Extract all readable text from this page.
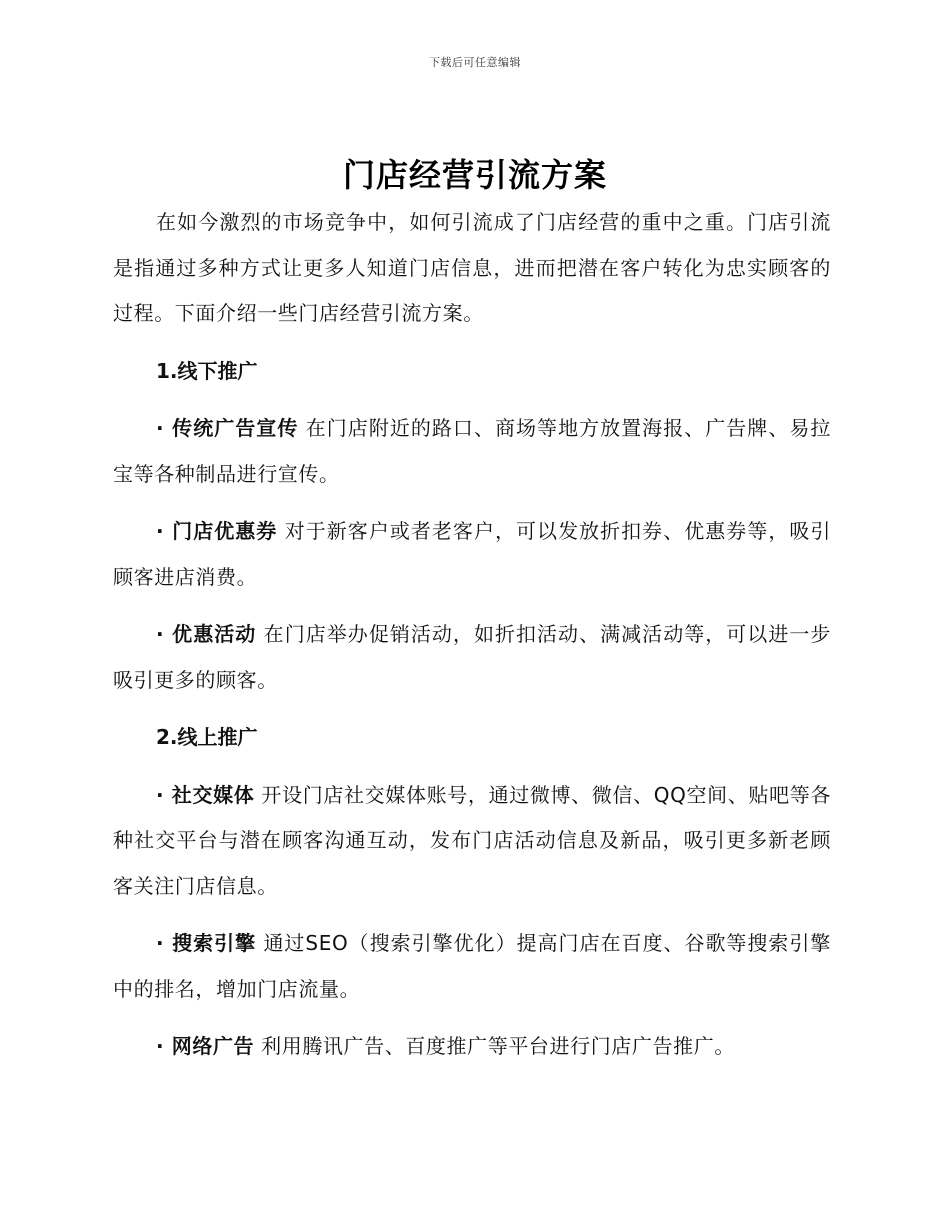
下载后可任意编辑
门店经营引流方案

在如今激烈的市场竞争中，如何引流成了门店经营的重中之重。门店引流是指通过多种方式让更多人知道门店信息，进而把潜在客户转化为忠实顾客的过程。下面介绍一些门店经营引流方案。

1.线下推广

· 传统广告宣传 在门店附近的路口、商场等地方放置海报、广告牌、易拉宝等各种制品进行宣传。

· 门店优惠券 对于新客户或者老客户，可以发放折扣券、优惠券等，吸引顾客进店消费。

· 优惠活动 在门店举办促销活动，如折扣活动、满减活动等，可以进一步吸引更多的顾客。

2.线上推广

· 社交媒体 开设门店社交媒体账号，通过微博、微信、QQ空间、贴吧等各种社交平台与潜在顾客沟通互动，发布门店活动信息及新品，吸引更多新老顾客关注门店信息。

· 搜索引擎 通过SEO（搜索引擎优化）提高门店在百度、谷歌等搜索引擎中的排名，增加门店流量。

· 网络广告 利用腾讯广告、百度推广等平台进行门店广告推广。
